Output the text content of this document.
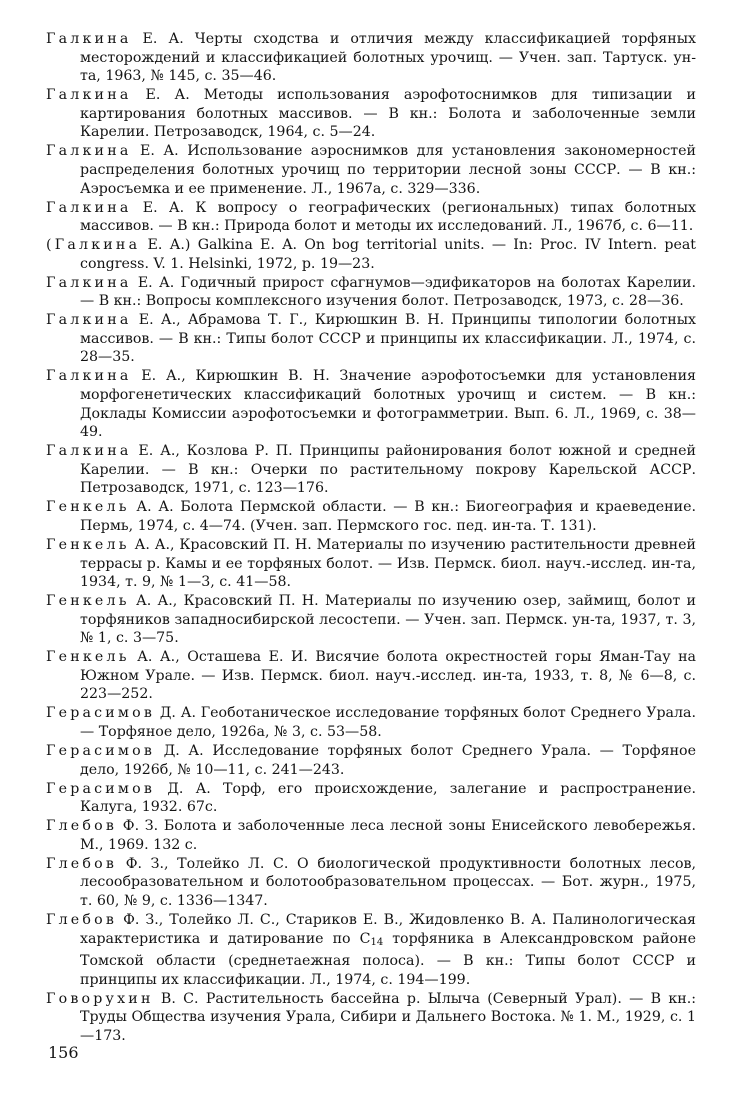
Галкина Е. А. Черты сходства и отличия между классификацией торфяных месторождений и классификацией болотных урочищ. — Учен. зап. Тартуск. ун-та, 1963, № 145, с. 35—46.

Галкина Е. А. Методы использования аэрофотоснимков для типизации и картирования болотных массивов. — В кн.: Болота и заболоченные земли Карелии. Петрозаводск, 1964, с. 5—24.

Галкина Е. А. Использование аэроснимков для установления закономерностей распределения болотных урочищ по территории лесной зоны СССР. — В кн.: Аэросъемка и ее применение. Л., 1967а, с. 329—336.

Галкина Е. А. К вопросу о географических (региональных) типах болотных массивов. — В кн.: Природа болот и методы их исследований. Л., 1967б, с. 6—11.

(Галкина Е. А.) Galkina E. A. On bog territorial units. — In: Proc. IV Intern. peat congress. V. 1. Helsinki, 1972, p. 19—23.

Галкина Е. А. Годичный прирост сфагнумов—эдификаторов на болотах Карелии. — В кн.: Вопросы комплексного изучения болот. Петрозаводск, 1973, с. 28—36.

Галкина Е. А., Абрамова Т. Г., Кирюшкин В. Н. Принципы типологии болотных массивов. — В кн.: Типы болот СССР и принципы их классификации. Л., 1974, с. 28—35.

Галкина Е. А., Кирюшкин В. Н. Значение аэрофотосъемки для установления морфогенетических классификаций болотных урочищ и систем. — В кн.: Доклады Комиссии аэрофотосъемки и фотограмметрии. Вып. 6. Л., 1969, с. 38—49.

Галкина Е. А., Козлова Р. П. Принципы районирования болот южной и средней Карелии. — В кн.: Очерки по растительному покрову Карельской АССР. Петрозаводск, 1971, с. 123—176.

Генкель А. А. Болота Пермской области. — В кн.: Биогеография и краеведение. Пермь, 1974, с. 4—74. (Учен. зап. Пермского гос. пед. ин-та. Т. 131).

Генкель А. А., Красовский П. Н. Материалы по изучению растительности древней террасы р. Камы и ее торфяных болот. — Изв. Пермск. биол. науч.-исслед. ин-та, 1934, т. 9, № 1—3, с. 41—58.

Генкель А. А., Красовский П. Н. Материалы по изучению озер, займищ, болот и торфяников западносибирской лесостепи. — Учен. зап. Пермск. ун-та, 1937, т. 3, № 1, с. 3—75.

Генкель А. А., Осташева Е. И. Висячие болота окрестностей горы Яман-Тау на Южном Урале. — Изв. Пермск. биол. науч.-исслед. ин-та, 1933, т. 8, № 6—8, с. 223—252.

Герасимов Д. А. Геоботаническое исследование торфяных болот Среднего Урала. — Торфяное дело, 1926а, № 3, с. 53—58.

Герасимов Д. А. Исследование торфяных болот Среднего Урала. — Торфяное дело, 1926б, № 10—11, с. 241—243.

Герасимов Д. А. Торф, его происхождение, залегание и распространение. Калуга, 1932. 67с.

Глебов Ф. З. Болота и заболоченные леса лесной зоны Енисейского левобережья. М., 1969. 132 с.

Глебов Ф. З., Толейко Л. С. О биологической продуктивности болотных лесов, лесообразовательном и болотообразовательном процессах. — Бот. журн., 1975, т. 60, № 9, с. 1336—1347.

Глебов Ф. З., Толейко Л. С., Стариков Е. В., Жидовленко В. А. Палинологическая характеристика и датирование по $C_{14}$ торфяника в Александровском районе Томской области (среднетаежная полоса). — В кн.: Типы болот СССР и принципы их классификации. Л., 1974, с. 194—199.

Говорухин В. С. Растительность бассейна р. Ылыча (Северный Урал). — В кн.: Труды Общества изучения Урала, Сибири и Дальнего Востока. № 1. М., 1929, с. 1—173.

156
